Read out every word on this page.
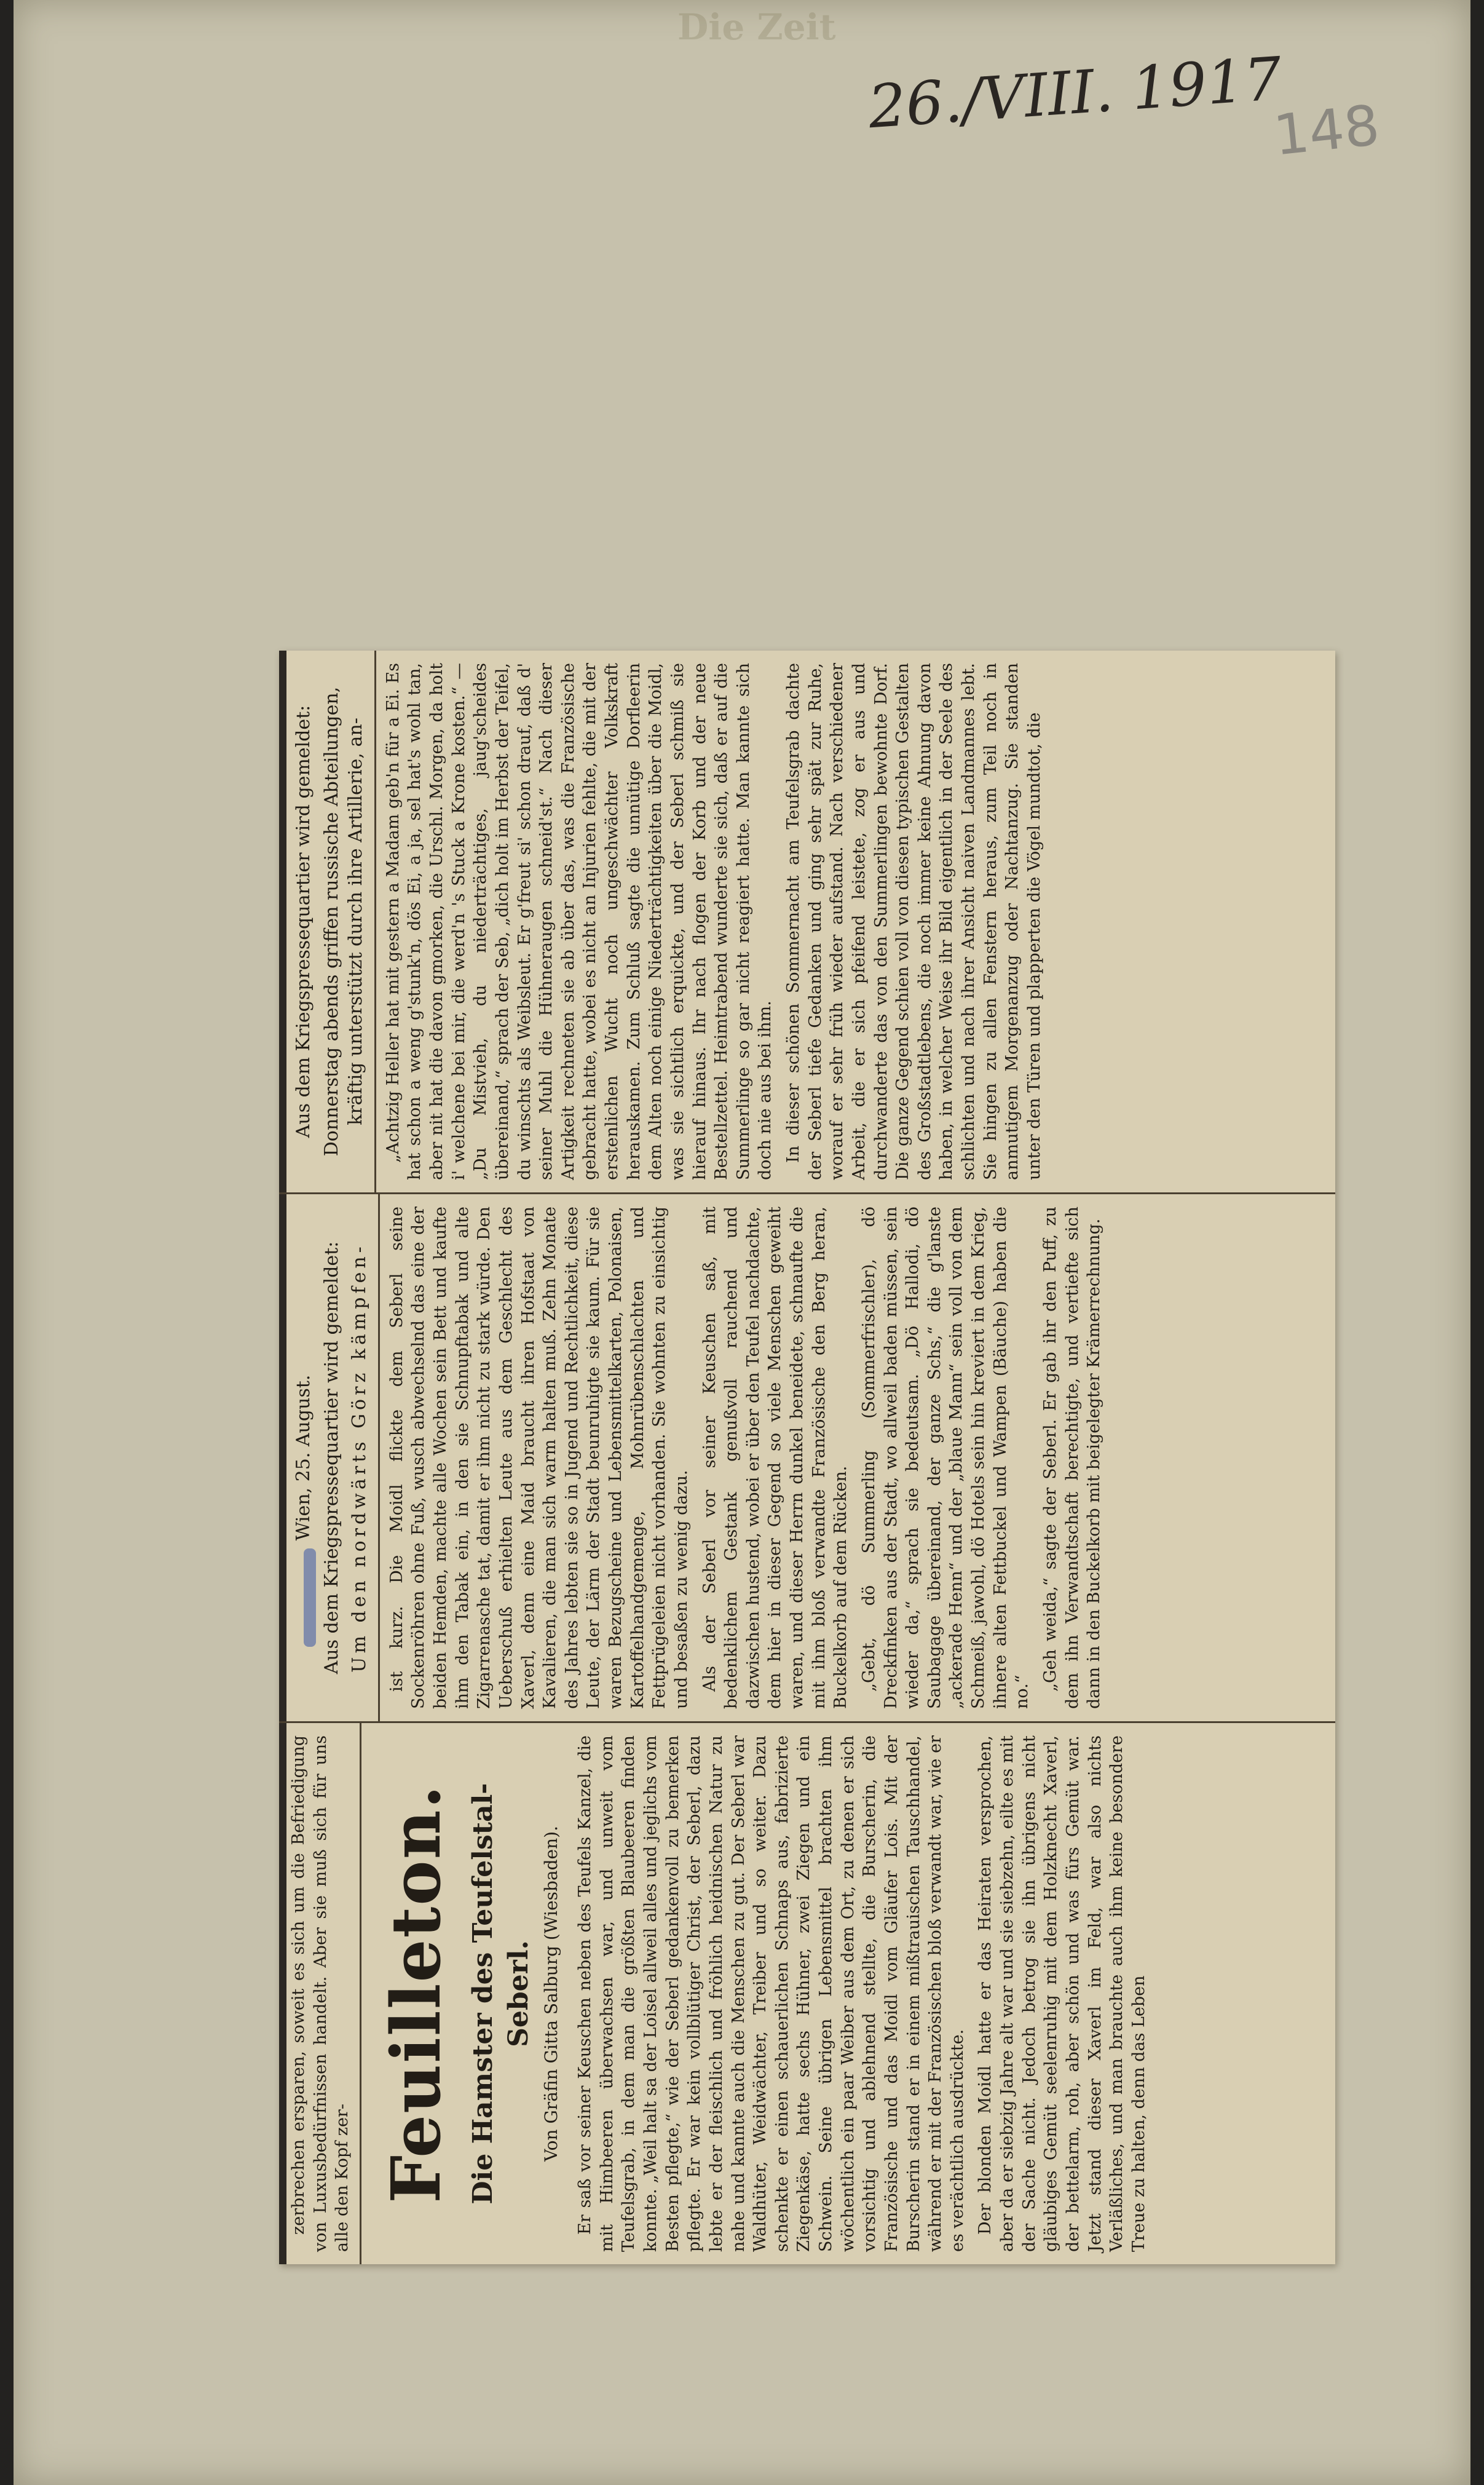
Die Zeit
26./VIII. 1917
148

zerbrechen ersparen, soweit es sich um die Befriedigung von Luxusbedürfnissen handelt. Aber sie muß sich für uns alle den Kopf zer- Feuilleton. Die Hamster des Teufelstal-Seberl. Von Gräfin Gitta Salburg (Wiesbaden). Er saß vor seiner Keuschen neben des Teufels Kanzel, die mit Himbeeren überwachsen war, und unweit vom Teufelsgrab, in dem man die größten Blaubeeren finden konnte. „Weil halt sa der Loisel allweil alles und jeglichs vom Besten pflegte,“ wie der Seberl gedankenvoll zu bemerken pflegte. Er war kein vollblütiger Christ, der Seberl, dazu lebte er der fleischlich und fröhlich heidnischen Natur zu nahe und kannte auch die Menschen zu gut. Der Seberl war Waldhüter, Weidwächter, Treiber und so weiter. Dazu schenkte er einen schauerlichen Schnaps aus, fabrizierte Ziegenkäse, hatte sechs Hühner, zwei Ziegen und ein Schwein. Seine übrigen Lebensmittel brachten ihm wöchentlich ein paar Weiber aus dem Ort, zu denen er sich vorsichtig und ablehnend stellte, die Burscherin, die Französische und das Moidl vom Gläufer Lois. Mit der Burscherin stand er in einem mißtrauischen Tauschhandel, während er mit der Französischen bloß verwandt war, wie er es verächtlich ausdrückte. Der blonden Moidl hatte er das Heiraten versprochen, aber da er siebzig Jahre alt war und sie siebzehn, eilte es mit der Sache nicht. Jedoch betrog sie ihn übrigens nicht gläubiges Gemüt seelenruhig mit dem Holzknecht Xaverl, der bettelarm, roh, aber schön und was fürs Gemüt war. Jetzt stand dieser Xaverl im Feld, war also nichts Verläßliches, und man brauchte auch ihm keine besondere Treue zu halten, denn das Leben

Wien, 25. August. Aus dem Kriegspressequartier wird gemeldet: Um den nordwärts Görz kämpfen- ist kurz. Die Moidl flickte dem Seberl seine Sockenröhren ohne Fuß, wusch abwechselnd das eine der beiden Hemden, machte alle Wochen sein Bett und kaufte ihm den Tabak ein, in den sie Schnupftabak und alte Zigarrenasche tat, damit er ihm nicht zu stark würde. Den Ueberschuß erhielten Leute aus dem Geschlecht des Xaverl, denn eine Maid braucht ihren Hofstaat von Kavalieren, die man sich warm halten muß. Zehn Monate des Jahres lebten sie so in Jugend und Rechtlichkeit, diese Leute, der Lärm der Stadt beunruhigte sie kaum. Für sie waren Bezugscheine und Lebensmittelkarten, Polonaisen, Kartoffelhandgemenge, Mohnrübenschlachten und Fettprügeleien nicht vorhanden. Sie wohnten zu einsichtig und besaßen zu wenig dazu. Als der Seberl vor seiner Keuschen saß, mit bedenklichem Gestank genußvoll rauchend und dazwischen hustend, wobei er über den Teufel nachdachte, dem hier in dieser Gegend so viele Menschen geweiht waren, und dieser Herrn dunkel beneidete, schnaufte die mit ihm bloß verwandte Französische den Berg heran, Buckelkorb auf dem Rücken. „Gebt, dö Summerling (Sommerfrischler), dö Dreckfinken aus der Stadt, wo allweil baden müssen, sein wieder da,“ sprach sie bedeutsam. „Dö Hallodi, dö Saubagage übereinand, der ganze Schs,“ die g'lanste „ackerade Henn“ und der „blaue Mann“ sein voll von dem Schmeiß, jawohl, dö Hotels sein hin kreviert in dem Krieg, ihnere alten Fettbuckel und Wampen (Bäuche) haben die no.“

„Geh weida,“ sagte der Seberl. Er gab ihr den Puff, zu dem ihn Verwandtschaft berechtigte, und vertiefte sich dann in den Buckelkorb mit beigelegter Krämerrechnung.

Aus dem Kriegspressequartier wird gemeldet: Donnerstag abends griffen russische Abteilungen, kräftig unterstützt durch ihre Artillerie, an- „Achtzig Heller hat mit gestern a Madam geb'n für a Ei. Es hat schon a weng g'stunk'n, dös Ei, a ja, sel hat's wohl tan, aber nit hat die davon gmorken, die Urschl. Morgen, da holt i' welchene bei mir, die werd'n 's Stuck a Krone kosten.“ — „Du Mistvieh, du niederträchtiges, jaug'scheides übereinand,“ sprach der Seb, „dich holt im Herbst der Teifel, du winschts als Weibsleut. Er g'freut si' schon drauf, daß d' seiner Muhl die Hühneraugen schneid'st.“ Nach dieser Artigkeit rechneten sie ab über das, was die Französische gebracht hatte, wobei es nicht an Injurien fehlte, die mit der erstenlichen Wucht noch ungeschwächter Volkskraft herauskamen. Zum Schluß sagte die unnütige Dorfleerin dem Alten noch einige Niederträchtigkeiten über die Moidl, was sie sichtlich erquickte, und der Seberl schmiß sie hierauf hinaus. Ihr nach flogen der Korb und der neue Bestellzettel. Heimtrabend wunderte sie sich, daß er auf die Summerlinge so gar nicht reagiert hatte. Man kannte sich doch nie aus bei ihm. In dieser schönen Sommernacht am Teufelsgrab dachte der Seberl tiefe Gedanken und ging sehr spät zur Ruhe, worauf er sehr früh wieder aufstand. Nach verschiedener Arbeit, die er sich pfeifend leistete, zog er aus und durchwanderte das von den Summerlingen bewohnte Dorf. Die ganze Gegend schien voll von diesen typischen Gestalten des Großstadtlebens, die noch immer keine Ahnung davon haben, in welcher Weise ihr Bild eigentlich in der Seele des schlichten und nach ihrer Ansicht naiven Landmannes lebt. Sie hingen zu allen Fenstern heraus, zum Teil noch in anmutigem Morgenanzug oder Nachtanzug. Sie standen unter den Türen und plapperten die Vögel mundtot, die
